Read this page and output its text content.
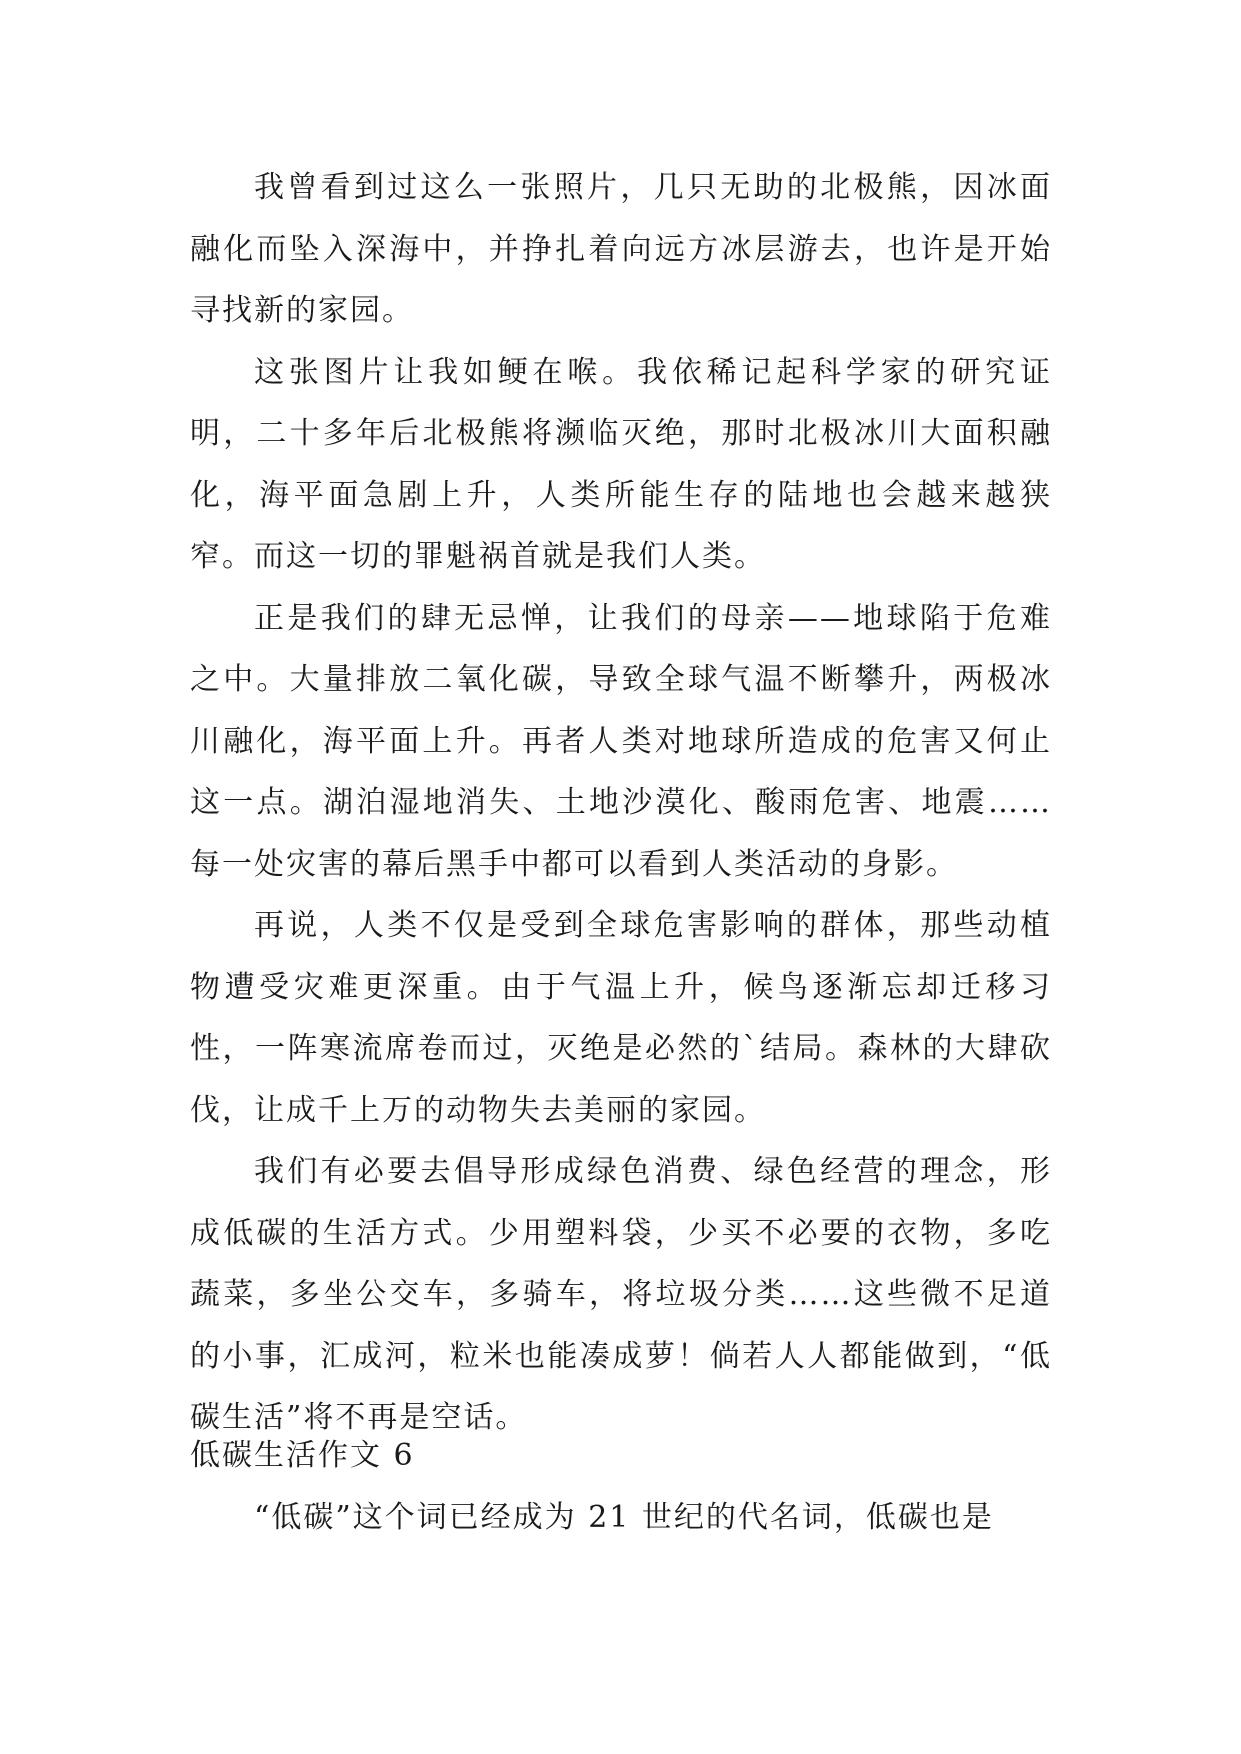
我曾看到过这么一张照片，几只无助的北极熊，因冰面融化而坠入深海中，并挣扎着向远方冰层游去，也许是开始寻找新的家园。

这张图片让我如鲠在喉。我依稀记起科学家的研究证明，二十多年后北极熊将濒临灭绝，那时北极冰川大面积融化，海平面急剧上升，人类所能生存的陆地也会越来越狭窄。而这一切的罪魁祸首就是我们人类。

正是我们的肆无忌惮，让我们的母亲——地球陷于危难之中。大量排放二氧化碳，导致全球气温不断攀升，两极冰川融化，海平面上升。再者人类对地球所造成的危害又何止这一点。湖泊湿地消失、土地沙漠化、酸雨危害、地震……每一处灾害的幕后黑手中都可以看到人类活动的身影。

再说，人类不仅是受到全球危害影响的群体，那些动植物遭受灾难更深重。由于气温上升，候鸟逐渐忘却迁移习性，一阵寒流席卷而过，灭绝是必然的`结局。森林的大肆砍伐，让成千上万的动物失去美丽的家园。

我们有必要去倡导形成绿色消费、绿色经营的理念，形成低碳的生活方式。少用塑料袋，少买不必要的衣物，多吃蔬菜，多坐公交车，多骑车，将垃圾分类……这些微不足道的小事，汇成河，粒米也能凑成萝！倘若人人都能做到，“低碳生活”将不再是空话。

低碳生活作文 6

“低碳”这个词已经成为 21 世纪的代名词，低碳也是
